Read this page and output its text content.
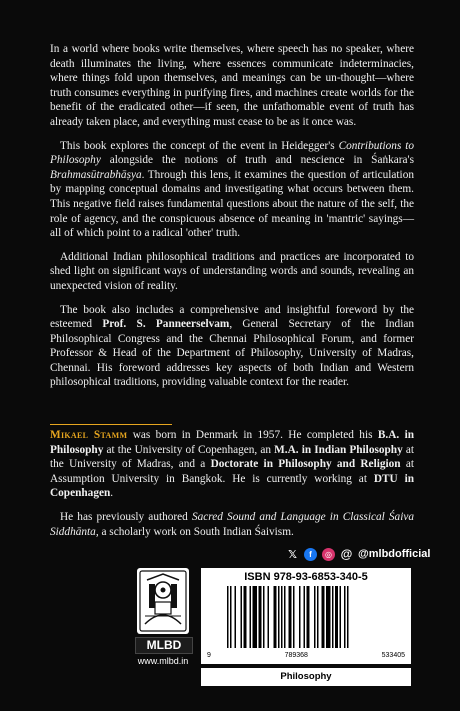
In a world where books write themselves, where speech has no speaker, where death illuminates the living, where essences communicate indeterminacies, where things fold upon themselves, and meanings can be un-thought—where truth consumes everything in purifying fires, and machines create worlds for the benefit of the eradicated other—if seen, the unfathomable event of truth has already taken place, and everything must cease to be as it once was.

This book explores the concept of the event in Heidegger's Contributions to Philosophy alongside the notions of truth and nescience in Śaṅkara's Brahmasūtrabhāṣya. Through this lens, it examines the question of articulation by mapping conceptual domains and investigating what occurs between them. This negative field raises fundamental questions about the nature of the self, the role of agency, and the conspicuous absence of meaning in 'mantric' sayings—all of which point to a radical 'other' truth.

Additional Indian philosophical traditions and practices are incorporated to shed light on significant ways of understanding words and sounds, revealing an unexpected vision of reality.

The book also includes a comprehensive and insightful foreword by the esteemed Prof. S. Panneerselvam, General Secretary of the Indian Philosophical Congress and the Chennai Philosophical Forum, and former Professor & Head of the Department of Philosophy, University of Madras, Chennai. His foreword addresses key aspects of both Indian and Western philosophical traditions, providing valuable context for the reader.

Mikael Stamm was born in Denmark in 1957. He completed his B.A. in Philosophy at the University of Copenhagen, an M.A. in Indian Philosophy at the University of Madras, and a Doctorate in Philosophy and Religion at Assumption University in Bangkok. He is currently working at DTU in Copenhagen.

He has previously authored Sacred Sound and Language in Classical Śaiva Siddhānta, a scholarly work on South Indian Śaivism.

𝕏	f	◎ @ @mlbdofficial
MLBD
www.mlbd.in
ISBN 978-93-6853-340-5
9	789368	533405
Philosophy
